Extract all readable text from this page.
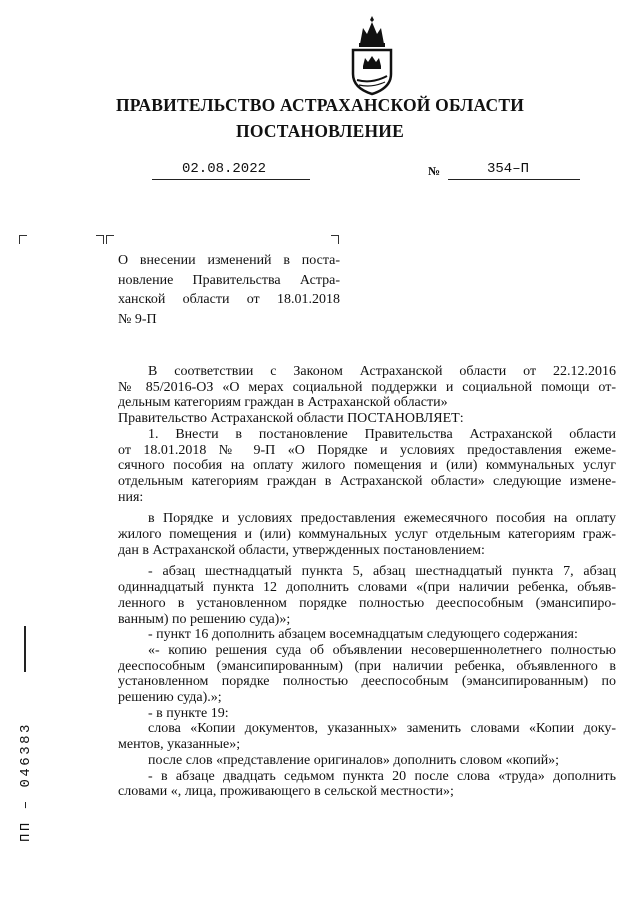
ПРАВИТЕЛЬСТВО АСТРАХАНСКОЙ ОБЛАСТИ
ПОСТАНОВЛЕНИЕ
02.08.2022	№	354–П
О внесении изменений в поста-
новление Правительства Астра-
ханской области от 18.01.2018
№ 9-П

В соответствии с Законом Астраханской области от 22.12.2016
№ 85/2016-ОЗ «О мерах социальной поддержки и социальной помощи от-
дельным категориям граждан в Астраханской области»

Правительство Астраханской области ПОСТАНОВЛЯЕТ:

1. Внести в постановление Правительства Астраханской области
от 18.01.2018 № 9-П «О Порядке и условиях предоставления ежеме-
сячного пособия на оплату жилого помещения и (или) коммунальных услуг
отдельным категориям граждан в Астраханской области» следующие измене-
ния:

в Порядке и условиях предоставления ежемесячного пособия на оплату
жилого помещения и (или) коммунальных услуг отдельным категориям граж-
дан в Астраханской области, утвержденных постановлением:

- абзац шестнадцатый пункта 5, абзац шестнадцатый пункта 7, абзац
одиннадцатый пункта 12 дополнить словами «(при наличии ребенка, объяв-
ленного в установленном порядке полностью дееспособным (эмансипиро-
ванным) по решению суда)»;

- пункт 16 дополнить абзацем восемнадцатым следующего содержания:

«- копию решения суда об объявлении несовершеннолетнего полностью
дееспособным (эмансипированным) (при наличии ребенка, объявленного в
установленном порядке полностью дееспособным (эмансипированным) по
решению суда).»;

- в пункте 19:

слова «Копии документов, указанных» заменить словами «Копии доку-
ментов, указанные»;

после слов «представление оригиналов» дополнить словом «копий»;

- в абзаце двадцать седьмом пункта 20 после слова «труда» дополнить
словами «, лица, проживающего в сельской местности»;

ПП – 046383
